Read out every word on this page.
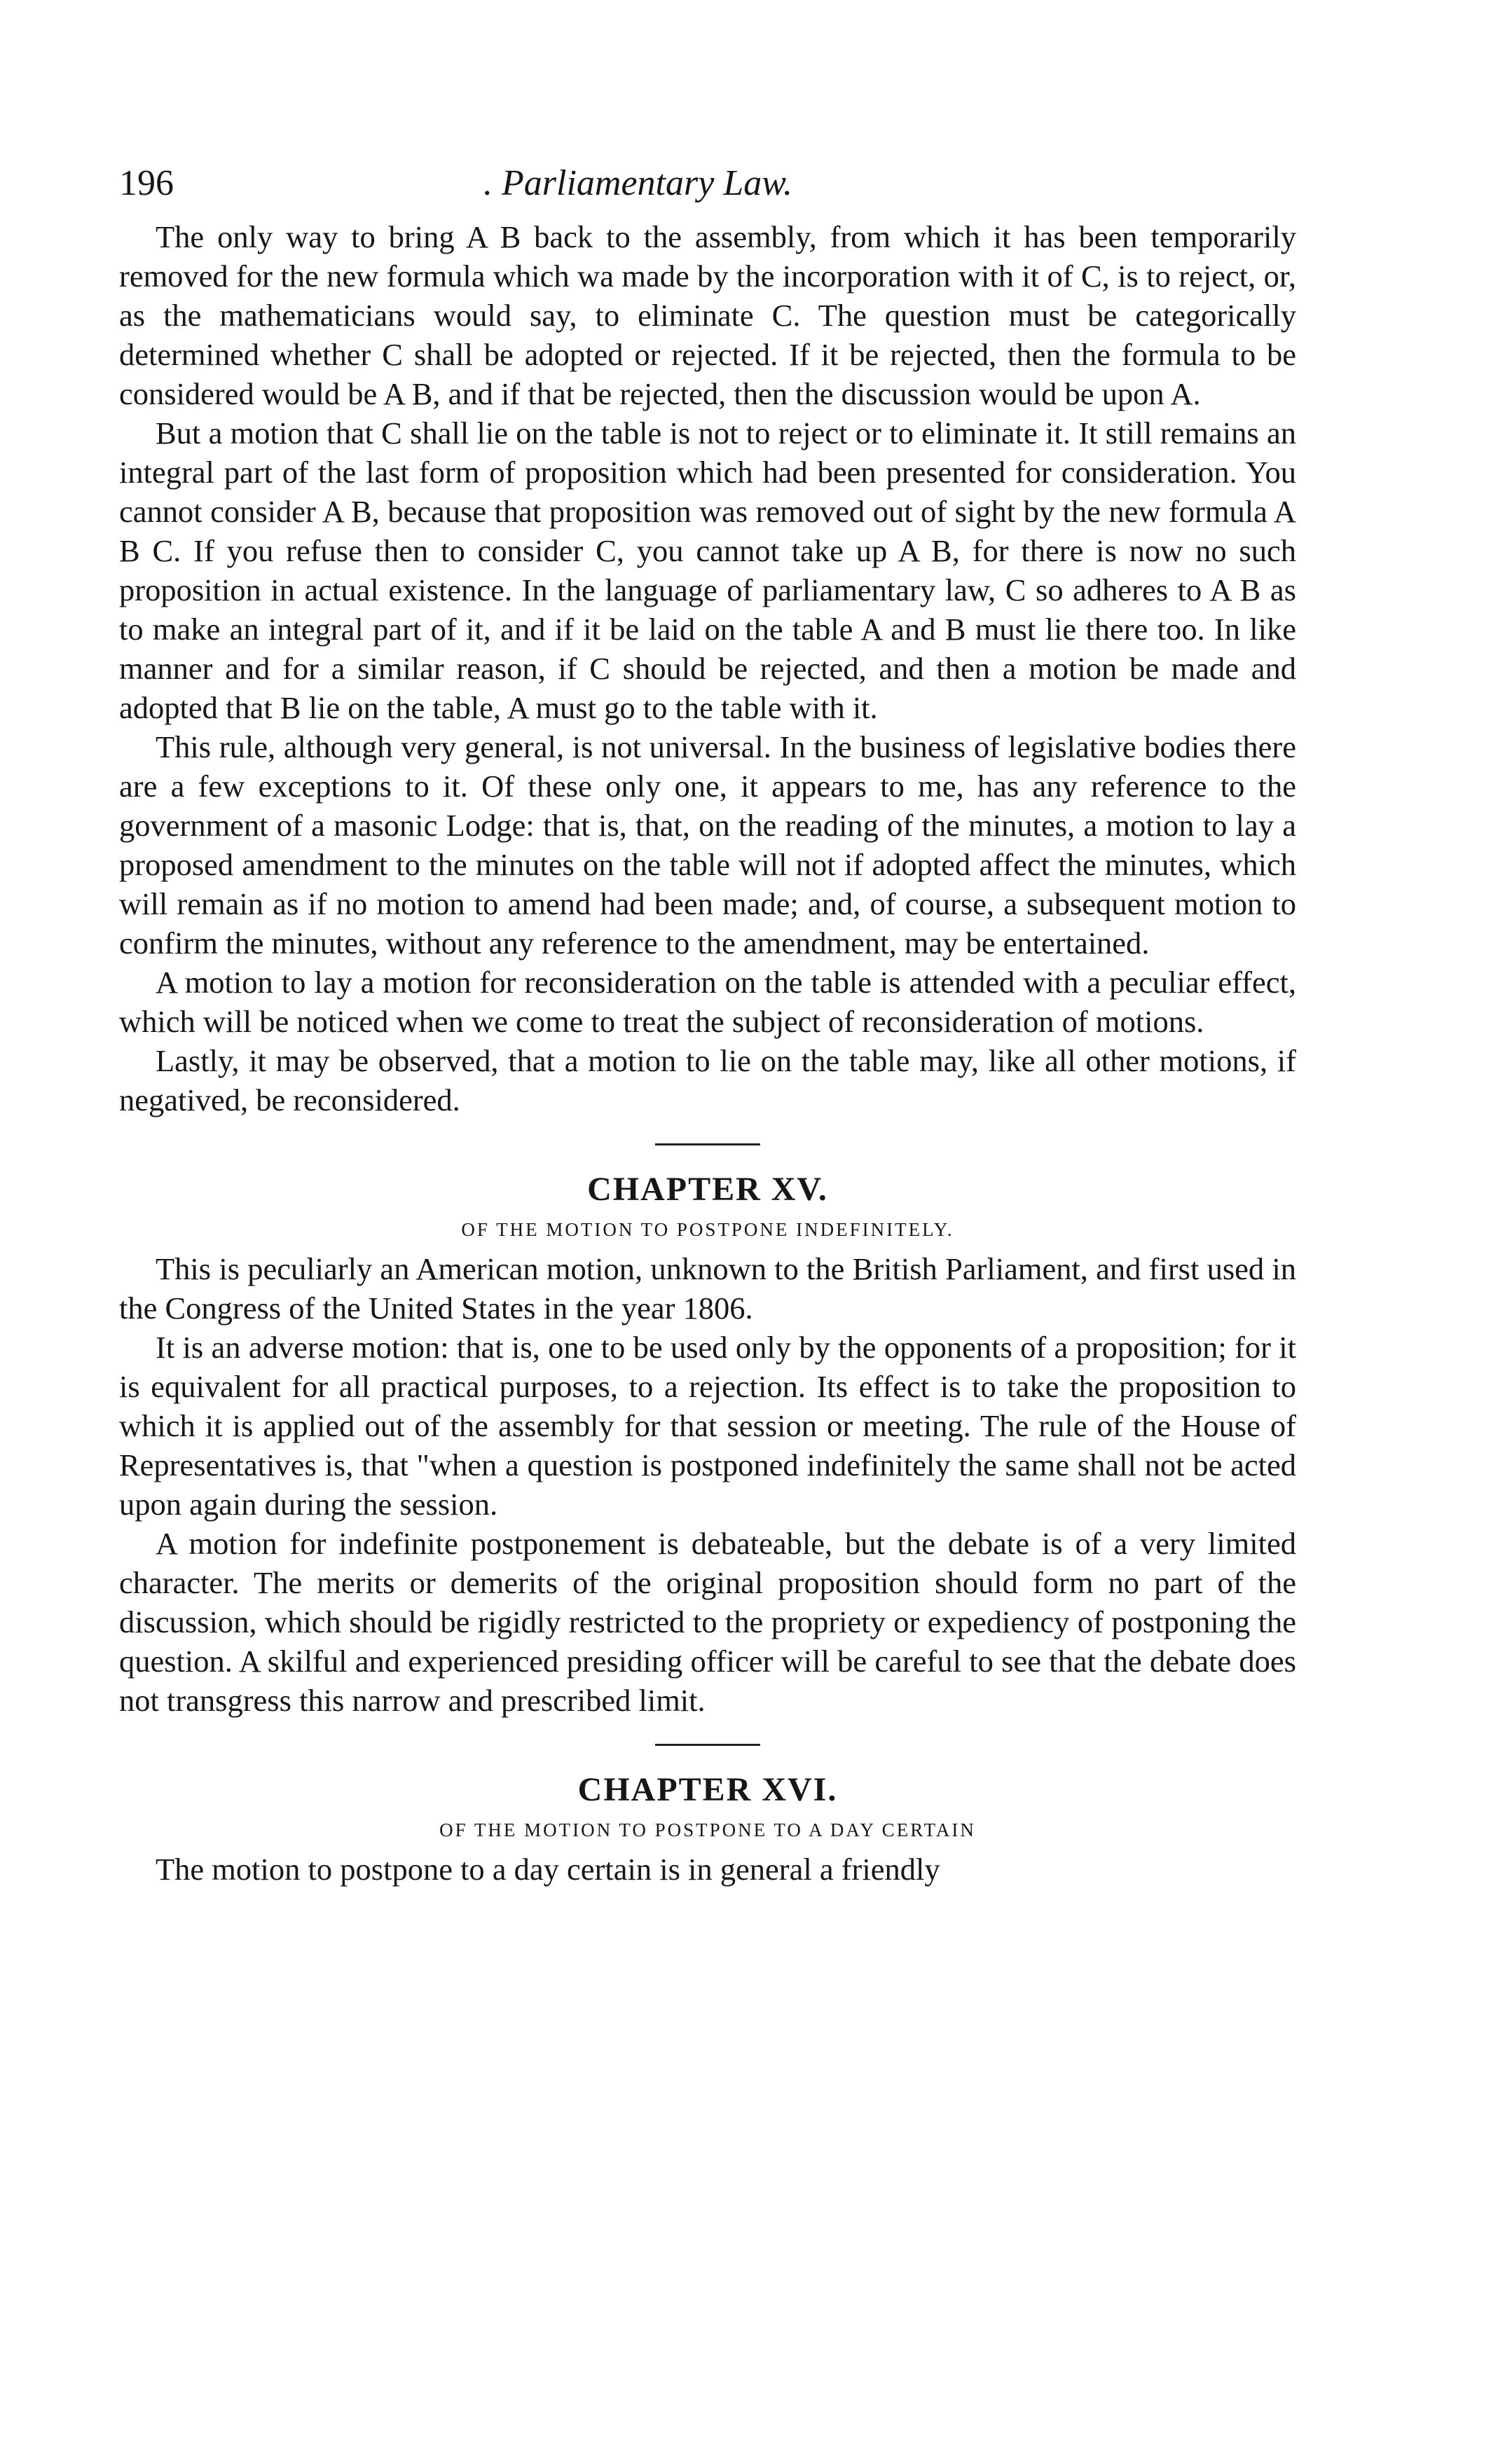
196	. Parliamentary Law.

The only way to bring A B back to the assembly, from which it has been temporarily removed for the new formula which wa made by the incorporation with it of C, is to reject, or, as the mathematicians would say, to eliminate C. The question must be categorically determined whether C shall be adopted or rejected. If it be rejected, then the formula to be considered would be A B, and if that be rejected, then the discussion would be upon A.

But a motion that C shall lie on the table is not to reject or to eliminate it. It still remains an integral part of the last form of proposition which had been presented for consideration. You cannot consider A B, because that proposition was removed out of sight by the new formula A B C. If you refuse then to consider C, you cannot take up A B, for there is now no such proposition in actual existence. In the language of parliamentary law, C so adheres to A B as to make an integral part of it, and if it be laid on the table A and B must lie there too. In like manner and for a similar reason, if C should be rejected, and then a motion be made and adopted that B lie on the table, A must go to the table with it.

This rule, although very general, is not universal. In the business of legislative bodies there are a few exceptions to it. Of these only one, it appears to me, has any reference to the government of a masonic Lodge: that is, that, on the reading of the minutes, a motion to lay a proposed amendment to the minutes on the table will not if adopted affect the minutes, which will remain as if no motion to amend had been made; and, of course, a subsequent motion to confirm the minutes, without any reference to the amendment, may be entertained.

A motion to lay a motion for reconsideration on the table is attended with a peculiar effect, which will be noticed when we come to treat the subject of reconsideration of motions.

Lastly, it may be observed, that a motion to lie on the table may, like all other motions, if negatived, be reconsidered.

CHAPTER XV.
OF THE MOTION TO POSTPONE INDEFINITELY.

This is peculiarly an American motion, unknown to the British Parliament, and first used in the Congress of the United States in the year 1806.

It is an adverse motion: that is, one to be used only by the opponents of a proposition; for it is equivalent for all practical purposes, to a rejection. Its effect is to take the proposition to which it is applied out of the assembly for that session or meeting. The rule of the House of Representatives is, that "when a question is postponed indefinitely the same shall not be acted upon again during the session.

A motion for indefinite postponement is debateable, but the debate is of a very limited character. The merits or demerits of the original proposition should form no part of the discussion, which should be rigidly restricted to the propriety or expediency of postponing the question. A skilful and experienced presiding officer will be careful to see that the debate does not transgress this narrow and prescribed limit.

CHAPTER XVI.
OF THE MOTION TO POSTPONE TO A DAY CERTAIN

The motion to postpone to a day certain is in general a friendly
